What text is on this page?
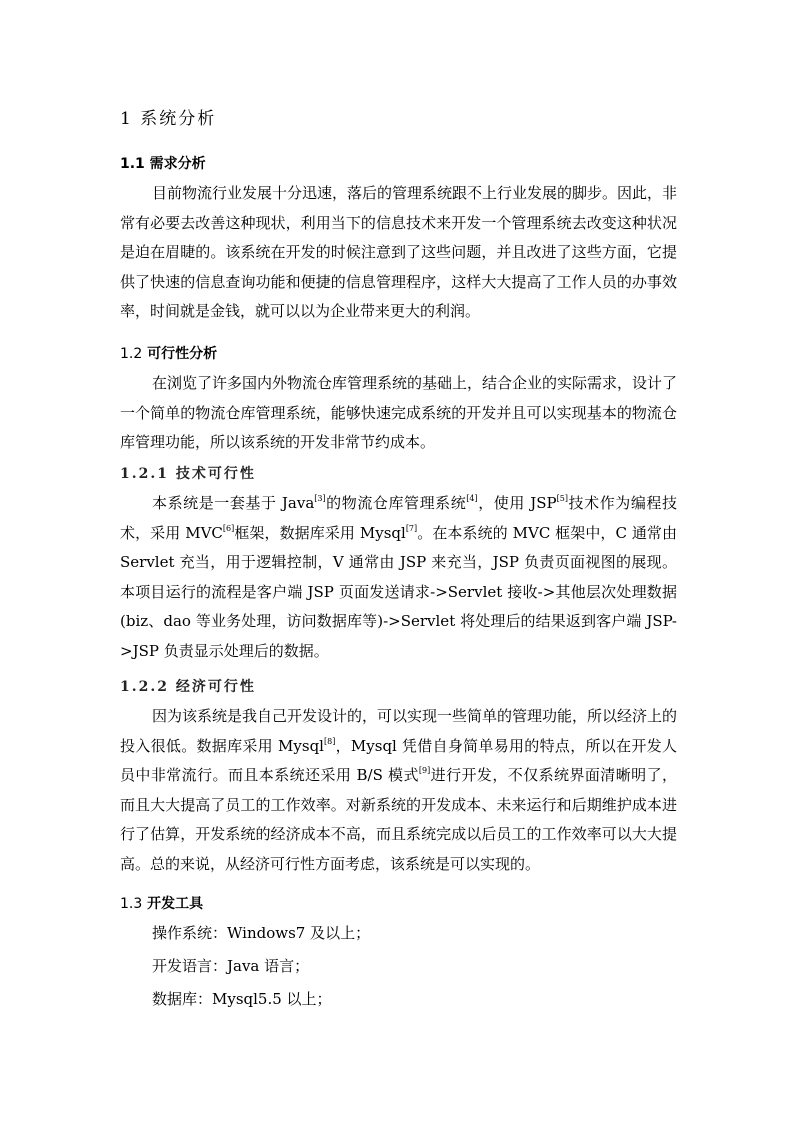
1 系统分析
1.1 需求分析

目前物流行业发展十分迅速，落后的管理系统跟不上行业发展的脚步。因此，非常有必要去改善这种现状，利用当下的信息技术来开发一个管理系统去改变这种状况是迫在眉睫的。该系统在开发的时候注意到了这些问题，并且改进了这些方面，它提供了快速的信息查询功能和便捷的信息管理程序，这样大大提高了工作人员的办事效率，时间就是金钱，就可以以为企业带来更大的利润。

1.2 可行性分析

在浏览了许多国内外物流仓库管理系统的基础上，结合企业的实际需求，设计了一个简单的物流仓库管理系统，能够快速完成系统的开发并且可以实现基本的物流仓库管理功能，所以该系统的开发非常节约成本。

1.2.1 技术可行性

本系统是一套基于 Java[3]的物流仓库管理系统[4]，使用 JSP[5]技术作为编程技术，采用 MVC[6]框架，数据库采用 Mysql[7]。在本系统的 MVC 框架中，C 通常由 Servlet 充当，用于逻辑控制，V 通常由 JSP 来充当，JSP 负责页面视图的展现。本项目运行的流程是客户端 JSP 页面发送请求->Servlet 接收->其他层次处理数据(biz、dao 等业务处理，访问数据库等)->Servlet 将处理后的结果返到客户端 JSP->JSP 负责显示处理后的数据。

1.2.2 经济可行性

因为该系统是我自己开发设计的，可以实现一些简单的管理功能，所以经济上的投入很低。数据库采用 Mysql[8]，Mysql 凭借自身简单易用的特点，所以在开发人员中非常流行。而且本系统还采用 B/S 模式[9]进行开发，不仅系统界面清晰明了，而且大大提高了员工的工作效率。对新系统的开发成本、未来运行和后期维护成本进行了估算，开发系统的经济成本不高，而且系统完成以后员工的工作效率可以大大提高。总的来说，从经济可行性方面考虑，该系统是可以实现的。

1.3 开发工具

操作系统：Windows7 及以上；

开发语言：Java 语言；

数据库：Mysql5.5 以上；
